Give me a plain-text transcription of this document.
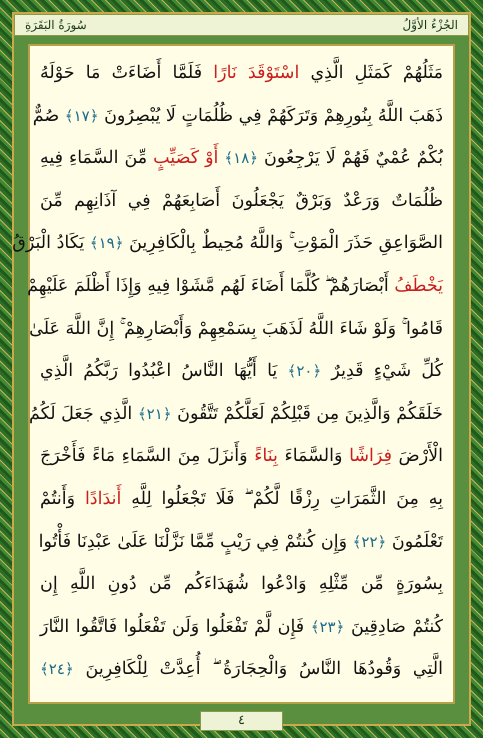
الجُزْءُ الأوَّلُ
سُورَةُ البَقَرَةِ
مَثَلُهُمْ كَمَثَلِ الَّذِي اسْتَوْقَدَ نَارًا فَلَمَّا أَضَاءَتْ مَا حَوْلَهُ
ذَهَبَ اللَّهُ بِنُورِهِمْ وَتَرَكَهُمْ فِي ظُلُمَاتٍ لَا يُبْصِرُونَ ﴿١٧﴾ صُمٌّ
بُكْمٌ عُمْيٌ فَهُمْ لَا يَرْجِعُونَ ﴿١٨﴾ أَوْ كَصَيِّبٍ مِّنَ السَّمَاءِ فِيهِ
ظُلُمَاتٌ وَرَعْدٌ وَبَرْقٌ يَجْعَلُونَ أَصَابِعَهُمْ فِي آذَانِهِم مِّنَ
الصَّوَاعِقِ حَذَرَ الْمَوْتِ ۚ وَاللَّهُ مُحِيطٌ بِالْكَافِرِينَ ﴿١٩﴾ يَكَادُ الْبَرْقُ
يَخْطَفُ أَبْصَارَهُمْ ۖ كُلَّمَا أَضَاءَ لَهُم مَّشَوْا فِيهِ وَإِذَا أَظْلَمَ عَلَيْهِمْ
قَامُوا ۚ وَلَوْ شَاءَ اللَّهُ لَذَهَبَ بِسَمْعِهِمْ وَأَبْصَارِهِمْ ۚ إِنَّ اللَّهَ عَلَىٰ
كُلِّ شَيْءٍ قَدِيرٌ ﴿٢٠﴾ يَا أَيُّهَا النَّاسُ اعْبُدُوا رَبَّكُمُ الَّذِي
خَلَقَكُمْ وَالَّذِينَ مِن قَبْلِكُمْ لَعَلَّكُمْ تَتَّقُونَ ﴿٢١﴾ الَّذِي جَعَلَ لَكُمُ
الْأَرْضَ فِرَاشًا وَالسَّمَاءَ بِنَاءً وَأَنزَلَ مِنَ السَّمَاءِ مَاءً فَأَخْرَجَ
بِهِ مِنَ الثَّمَرَاتِ رِزْقًا لَّكُمْ ۖ فَلَا تَجْعَلُوا لِلَّهِ أَندَادًا وَأَنتُمْ
تَعْلَمُونَ ﴿٢٢﴾ وَإِن كُنتُمْ فِي رَيْبٍ مِّمَّا نَزَّلْنَا عَلَىٰ عَبْدِنَا فَأْتُوا
بِسُورَةٍ مِّن مِّثْلِهِ وَادْعُوا شُهَدَاءَكُم مِّن دُونِ اللَّهِ إِن
كُنتُمْ صَادِقِينَ ﴿٢٣﴾ فَإِن لَّمْ تَفْعَلُوا وَلَن تَفْعَلُوا فَاتَّقُوا النَّارَ
الَّتِي وَقُودُهَا النَّاسُ وَالْحِجَارَةُ ۖ أُعِدَّتْ لِلْكَافِرِينَ ﴿٢٤﴾
٤
